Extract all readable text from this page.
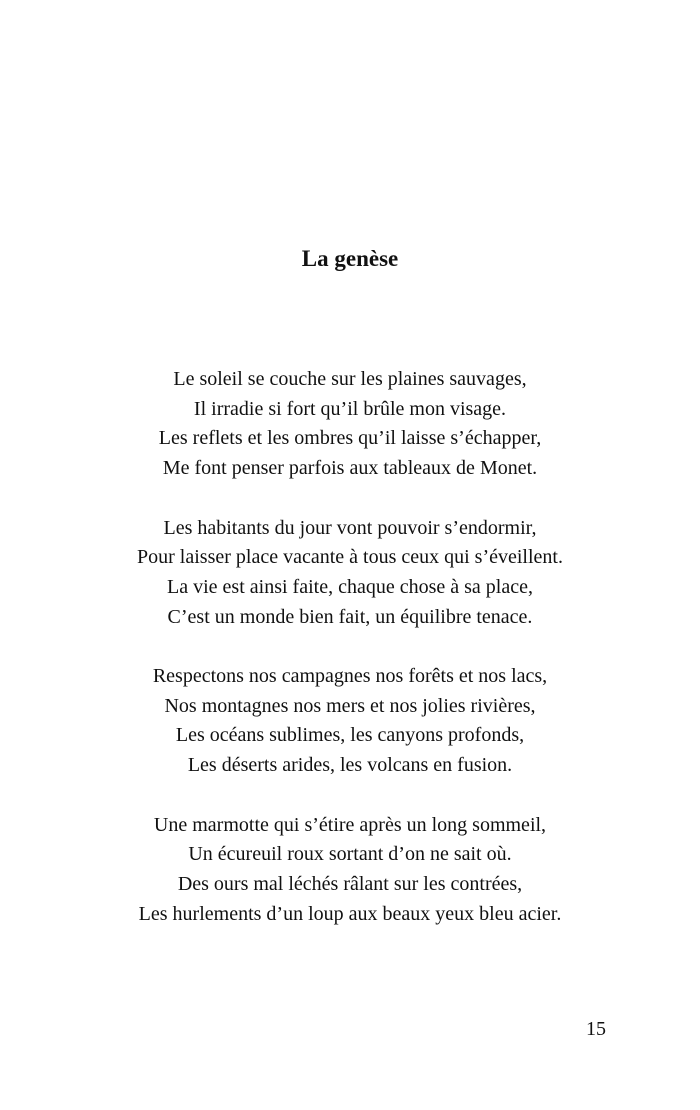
La genèse
Le soleil se couche sur les plaines sauvages,
Il irradie si fort qu’il brûle mon visage.
Les reflets et les ombres qu’il laisse s’échapper,
Me font penser parfois aux tableaux de Monet.
Les habitants du jour vont pouvoir s’endormir,
Pour laisser place vacante à tous ceux qui s’éveillent.
La vie est ainsi faite, chaque chose à sa place,
C’est un monde bien fait, un équilibre tenace.
Respectons nos campagnes nos forêts et nos lacs,
Nos montagnes nos mers et nos jolies rivières,
Les océans sublimes, les canyons profonds,
Les déserts arides, les volcans en fusion.
Une marmotte qui s’étire après un long sommeil,
Un écureuil roux sortant d’on ne sait où.
Des ours mal léchés râlant sur les contrées,
Les hurlements d’un loup aux beaux yeux bleu acier.
15
